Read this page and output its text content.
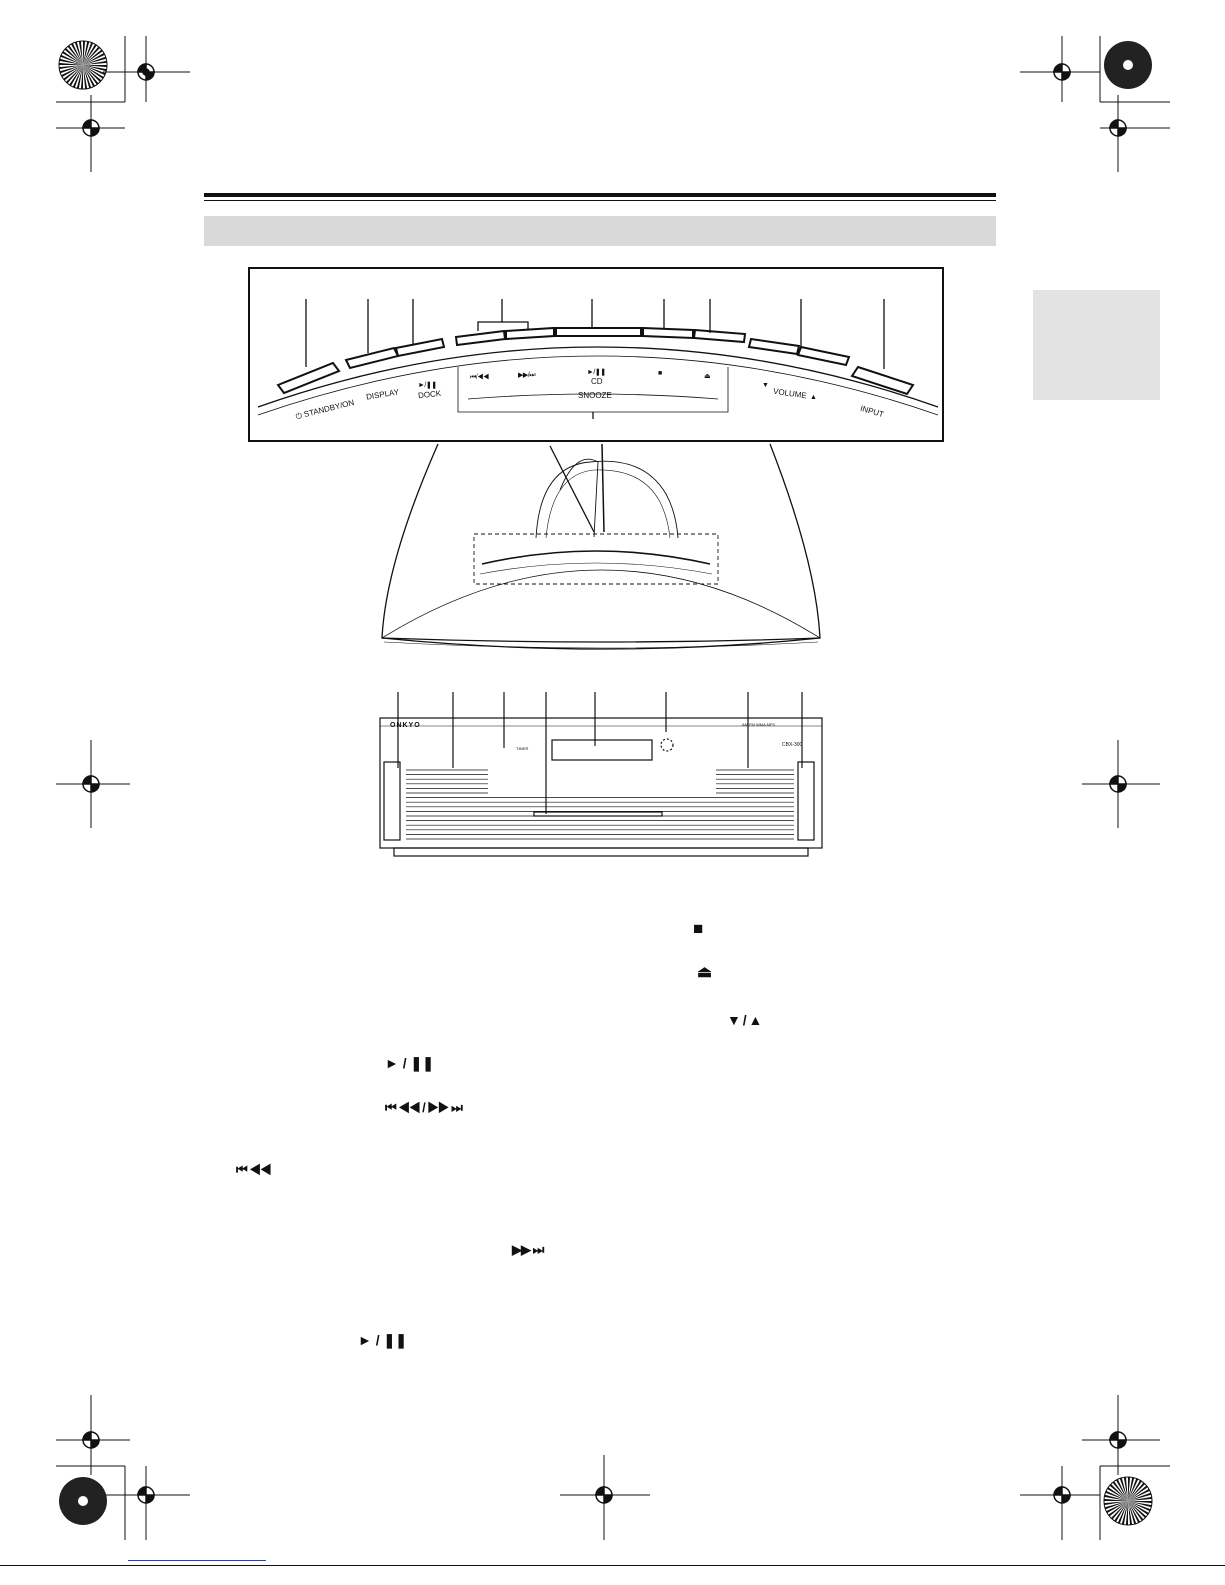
⏻ STANDBY/ON
DISPLAY
►/❚❚
DOCK
⏮/◀◀	▶▶/⏭	►/❚❚
CD
SNOOZE
■	⏏
▼
VOLUME ▲
INPUT
ONKYO
TIMER
CBX-300
AM FM WMA MP3
■
⏏
▼ / ▲
► / ❚❚
⏮ ◀◀ / ▶▶ ⏭
⏮ ◀◀
▶▶ ⏭
► / ❚❚
